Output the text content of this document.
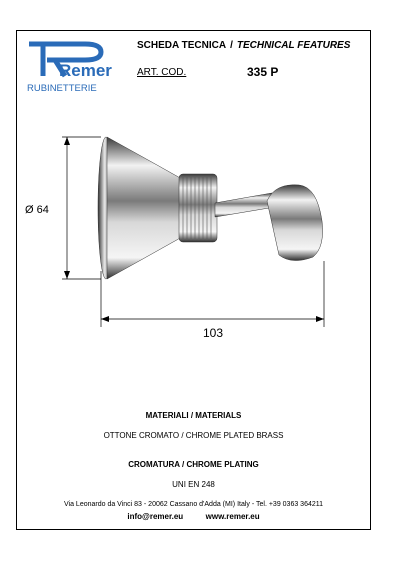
Remer
RUBINETTERIE
SCHEDA TECNICA / TECHNICAL FEATURES
ART. COD.	335 P
Ø 64
103
MATERIALI / MATERIALS
OTTONE CROMATO / CHROME PLATED BRASS
CROMATURA / CHROME PLATING
UNI EN 248
Via Leonardo da Vinci 83 - 20062 Cassano d'Adda (MI) Italy - Tel. +39 0363 364211
info@remer.eu	www.remer.eu
